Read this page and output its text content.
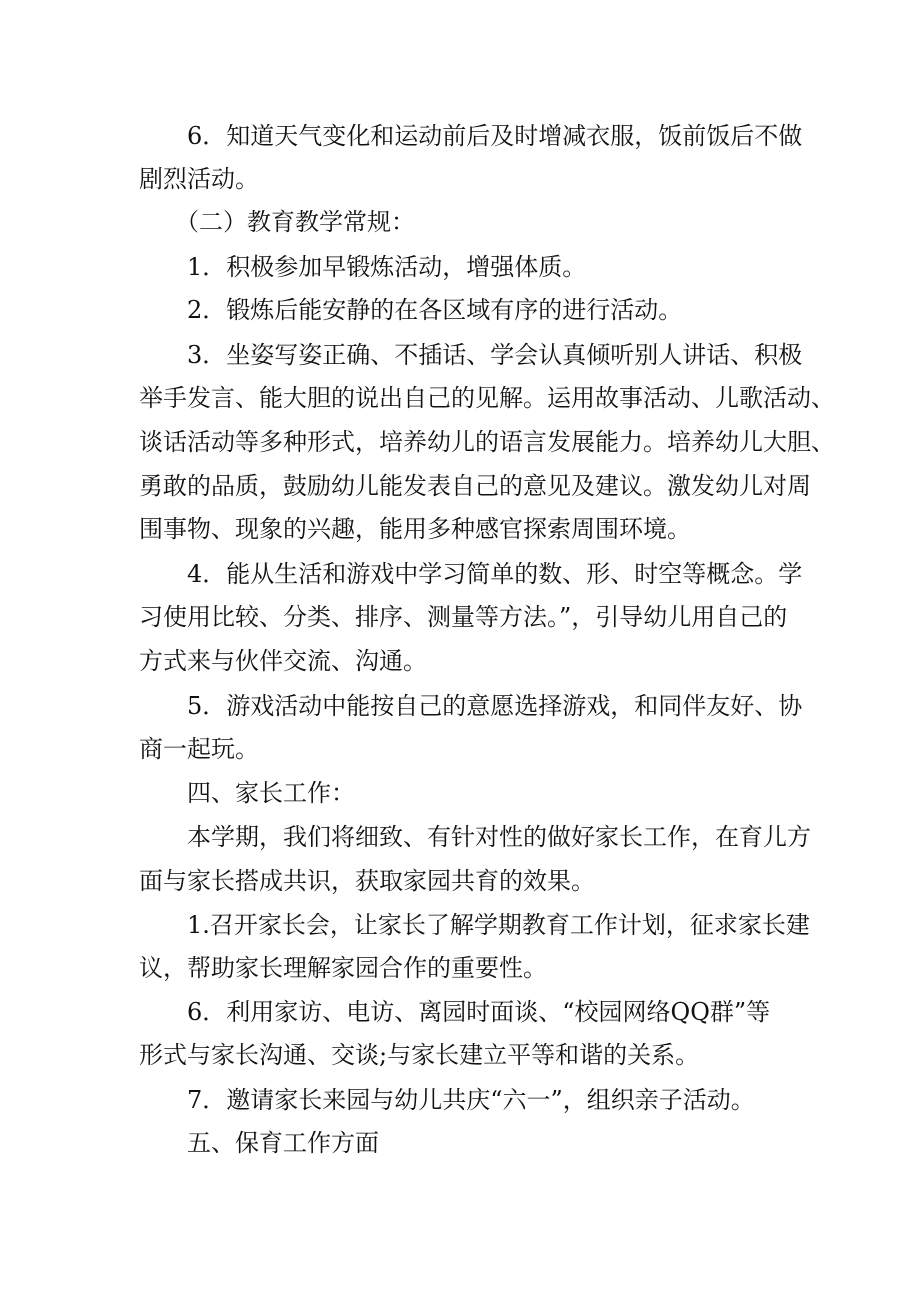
6．知道天气变化和运动前后及时增减衣服，饭前饭后不做
剧烈活动。
（二）教育教学常规：
1．积极参加早锻炼活动，增强体质。
2．锻炼后能安静的在各区域有序的进行活动。
3．坐姿写姿正确、不插话、学会认真倾听别人讲话、积极
举手发言、能大胆的说出自己的见解。运用故事活动、儿歌活动、
谈话活动等多种形式，培养幼儿的语言发展能力。培养幼儿大胆、
勇敢的品质，鼓励幼儿能发表自己的意见及建议。激发幼儿对周
围事物、现象的兴趣，能用多种感官探索周围环境。
4．能从生活和游戏中学习简单的数、形、时空等概念。学
习使用比较、分类、排序、测量等方法。”，引导幼儿用自己的
方式来与伙伴交流、沟通。
5．游戏活动中能按自己的意愿选择游戏，和同伴友好、协
商一起玩。
四、家长工作：
本学期，我们将细致、有针对性的做好家长工作，在育儿方
面与家长搭成共识，获取家园共育的效果。
1.召开家长会，让家长了解学期教育工作计划，征求家长建
议，帮助家长理解家园合作的重要性。
6．利用家访、电访、离园时面谈、“校园网络QQ群”等
形式与家长沟通、交谈;与家长建立平等和谐的关系。
7．邀请家长来园与幼儿共庆“六一”，组织亲子活动。
五、保育工作方面
